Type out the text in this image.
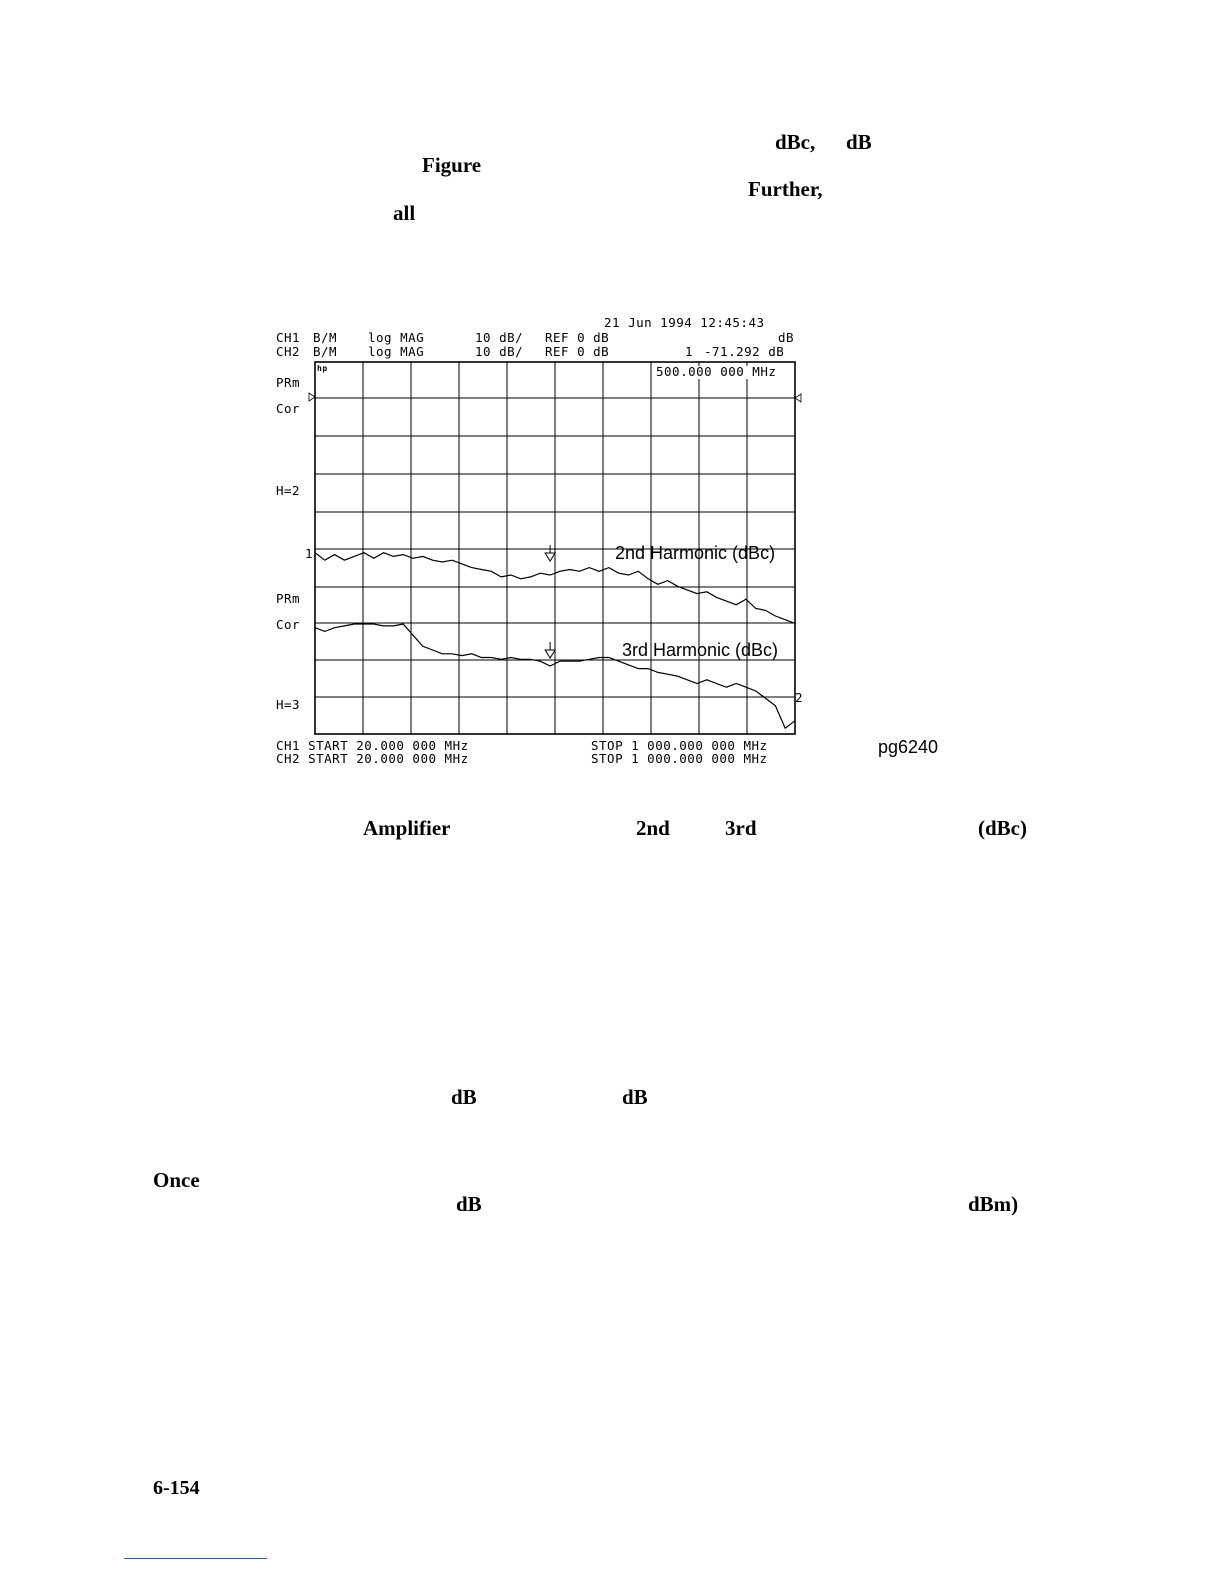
dBc, dB
Figure
Further,
all
21 Jun 1994 12:45:43
CH1 B/M log MAG	10 dB/ REF 0 dB	dB
CH2 B/M log MAG	10 dB/ REF 0 dB	1 -71.292 dB
500.000 000 MHz
hp
PRm
Cor
H=2
1
PRm
Cor
H=3	2
2nd Harmonic (dBc)
3rd Harmonic (dBc)
CH1 START 20.000 000 MHz
CH2 START 20.000 000 MHz
STOP 1 000.000 000 MHz
STOP 1 000.000 000 MHz
pg6240
Amplifier	2nd	3rd	(dBc)
dB	dB
Once
dB	dBm)
6-154
